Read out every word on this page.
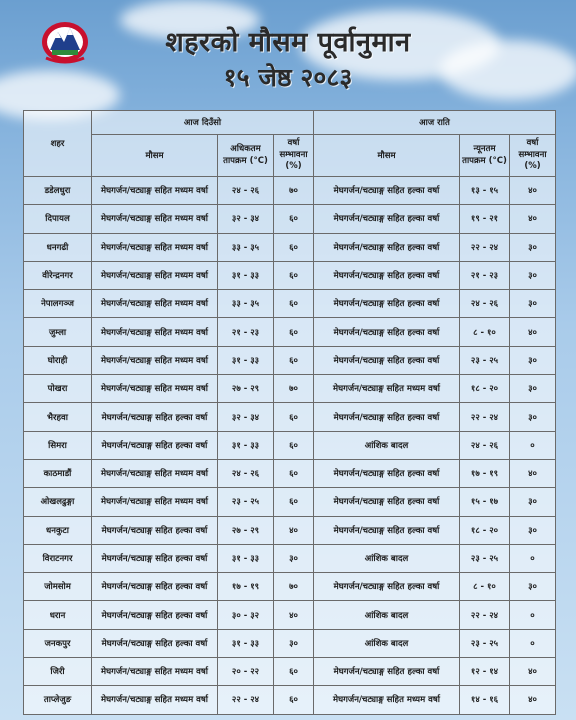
शहरको मौसम पूर्वानुमान
१५ जेष्ठ २०८३
शहर	आज दिउँसो			आज राति		
	मौसम	अधिकतम तापक्रम (°C)	वर्षा सम्भावना (%)	मौसम	न्यूनतम तापक्रम (°C)	वर्षा सम्भावना (%)
डडेलधुरा	मेघगर्जन/चट्याङ्ग सहित मध्यम वर्षा	२४ - २६	७०	मेघगर्जन/चट्याङ्ग सहित हल्का वर्षा	१३ - १५	४०
दिपायल	मेघगर्जन/चट्याङ्ग सहित मध्यम वर्षा	३२ - ३४	६०	मेघगर्जन/चट्याङ्ग सहित हल्का वर्षा	१९ - २१	४०
धनगढी	मेघगर्जन/चट्याङ्ग सहित मध्यम वर्षा	३३ - ३५	६०	मेघगर्जन/चट्याङ्ग सहित हल्का वर्षा	२२ - २४	३०
वीरेन्द्रनगर	मेघगर्जन/चट्याङ्ग सहित मध्यम वर्षा	३१ - ३३	६०	मेघगर्जन/चट्याङ्ग सहित हल्का वर्षा	२१ - २३	३०
नेपालगञ्ज	मेघगर्जन/चट्याङ्ग सहित मध्यम वर्षा	३३ - ३५	६०	मेघगर्जन/चट्याङ्ग सहित हल्का वर्षा	२४ - २६	३०
जुम्ला	मेघगर्जन/चट्याङ्ग सहित मध्यम वर्षा	२१ - २३	६०	मेघगर्जन/चट्याङ्ग सहित हल्का वर्षा	८ - १०	४०
घोराही	मेघगर्जन/चट्याङ्ग सहित मध्यम वर्षा	३१ - ३३	६०	मेघगर्जन/चट्याङ्ग सहित हल्का वर्षा	२३ - २५	३०
पोखरा	मेघगर्जन/चट्याङ्ग सहित मध्यम वर्षा	२७ - २९	७०	मेघगर्जन/चट्याङ्ग सहित मध्यम वर्षा	१८ - २०	३०
भैरहवा	मेघगर्जन/चट्याङ्ग सहित हल्का वर्षा	३२ - ३४	६०	मेघगर्जन/चट्याङ्ग सहित हल्का वर्षा	२२ - २४	३०
सिमरा	मेघगर्जन/चट्याङ्ग सहित हल्का वर्षा	३१ - ३३	६०	आंशिक बादल	२४ - २६	०
काठमाडौं	मेघगर्जन/चट्याङ्ग सहित मध्यम वर्षा	२४ - २६	६०	मेघगर्जन/चट्याङ्ग सहित हल्का वर्षा	१७ - १९	४०
ओखलढुङ्गा	मेघगर्जन/चट्याङ्ग सहित मध्यम वर्षा	२३ - २५	६०	मेघगर्जन/चट्याङ्ग सहित हल्का वर्षा	१५ - १७	३०
धनकुटा	मेघगर्जन/चट्याङ्ग सहित हल्का वर्षा	२७ - २९	४०	मेघगर्जन/चट्याङ्ग सहित हल्का वर्षा	१८ - २०	३०
विराटनगर	मेघगर्जन/चट्याङ्ग सहित हल्का वर्षा	३१ - ३३	३०	आंशिक बादल	२३ - २५	०
जोमसोम	मेघगर्जन/चट्याङ्ग सहित हल्का वर्षा	१७ - १९	७०	मेघगर्जन/चट्याङ्ग सहित हल्का वर्षा	८ - १०	३०
धरान	मेघगर्जन/चट्याङ्ग सहित हल्का वर्षा	३० - ३२	४०	आंशिक बादल	२२ - २४	०
जनकपुर	मेघगर्जन/चट्याङ्ग सहित हल्का वर्षा	३१ - ३३	३०	आंशिक बादल	२३ - २५	०
जिरी	मेघगर्जन/चट्याङ्ग सहित मध्यम वर्षा	२० - २२	६०	मेघगर्जन/चट्याङ्ग सहित हल्का वर्षा	१२ - १४	४०
ताप्लेजुङ	मेघगर्जन/चट्याङ्ग सहित मध्यम वर्षा	२२ - २४	६०	मेघगर्जन/चट्याङ्ग सहित मध्यम वर्षा	१४ - १६	४०
